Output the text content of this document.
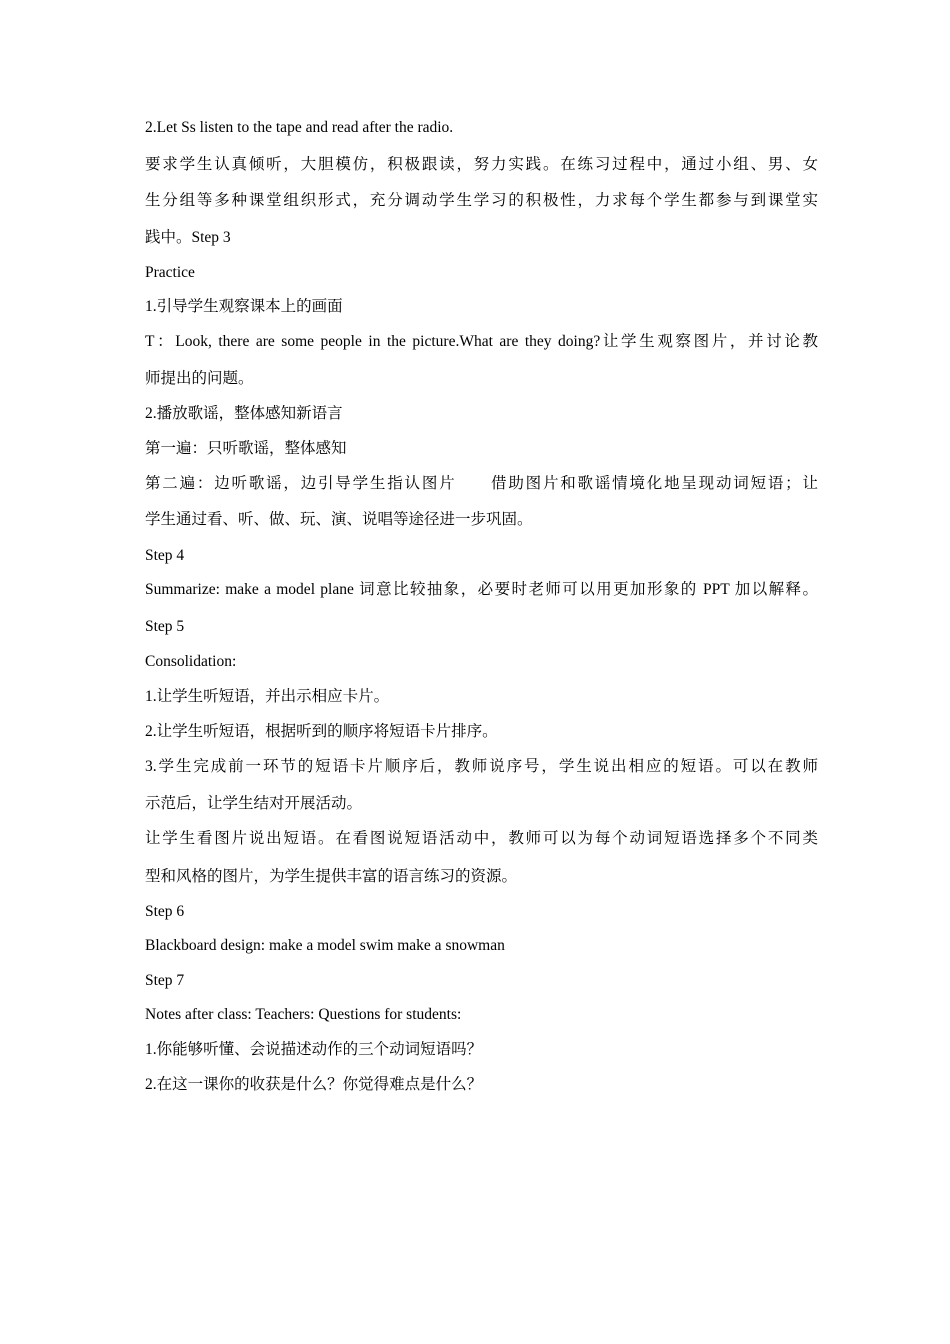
2.Let Ss listen to the tape and read after the radio.
要求学生认真倾听，大胆模仿，积极跟读，努力实践。在练习过程中，通过小组、男、女
生分组等多种课堂组织形式，充分调动学生学习的积极性，力求每个学生都参与到课堂实
践中。Step 3
Practice
1.引导学生观察课本上的画面
T：Look, there are some people in the picture.What are they doing?让学生观察图片，并讨论教
师提出的问题。
2.播放歌谣，整体感知新语言
第一遍：只听歌谣，整体感知
第二遍：边听歌谣，边引导学生指认图片　　借助图片和歌谣情境化地呈现动词短语；让
学生通过看、听、做、玩、演、说唱等途径进一步巩固。
Step 4
Summarize: make a model plane 词意比较抽象，必要时老师可以用更加形象的 PPT 加以解释。
Step 5
Consolidation:
1.让学生听短语，并出示相应卡片。
2.让学生听短语，根据听到的顺序将短语卡片排序。
3.学生完成前一环节的短语卡片顺序后，教师说序号，学生说出相应的短语。可以在教师
示范后，让学生结对开展活动。
让学生看图片说出短语。在看图说短语活动中，教师可以为每个动词短语选择多个不同类
型和风格的图片，为学生提供丰富的语言练习的资源。
Step 6
Blackboard design: make a model swim make a snowman
Step 7
Notes after class: Teachers: Questions for students:
1.你能够听懂、会说描述动作的三个动词短语吗？
2.在这一课你的收获是什么？你觉得难点是什么？
